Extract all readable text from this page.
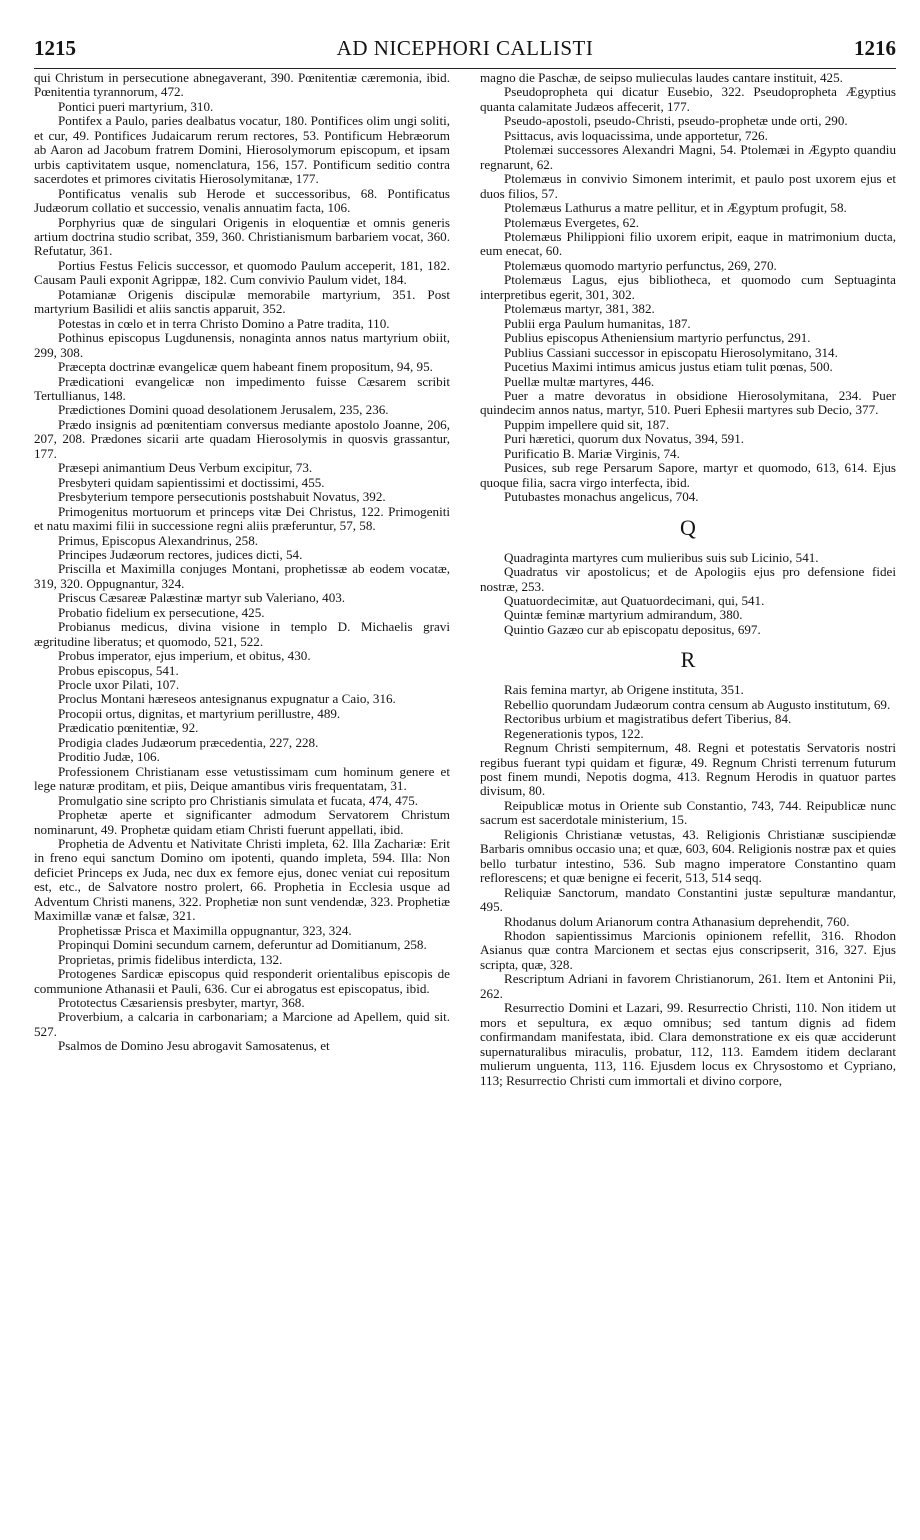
1215	AD NICEPHORI CALLISTI	1216

qui Christum in persecutione abnegaverant, 390. Pœnitentiæ cæremonia, ibid. Pœnitentia tyrannorum, 472.

Pontici pueri martyrium, 310.

Pontifex a Paulo, paries dealbatus vocatur, 180. Pontifices olim ungi soliti, et cur, 49. Pontifices Judaicarum rerum rectores, 53. Pontificum Hebræorum ab Aaron ad Jacobum fratrem Domini, Hierosolymorum episcopum, et ipsam urbis captivitatem usque, nomenclatura, 156, 157. Pontificum seditio contra sacerdotes et primores civitatis Hierosolymitanæ, 177.

Pontificatus venalis sub Herode et successoribus, 68. Pontificatus Judæorum collatio et successio, venalis annuatim facta, 106.

Porphyrius quæ de singulari Origenis in eloquentiæ et omnis generis artium doctrina studio scribat, 359, 360. Christianismum barbariem vocat, 360. Refutatur, 361.

Portius Festus Felicis successor, et quomodo Paulum acceperit, 181, 182. Causam Pauli exponit Agrippæ, 182. Cum convivio Paulum videt, 184.

Potamianæ Origenis discipulæ memorabile martyrium, 351. Post martyrium Basilidi et aliis sanctis apparuit, 352.

Potestas in cœlo et in terra Christo Domino a Patre tradita, 110.

Pothinus episcopus Lugdunensis, nonaginta annos natus martyrium obiit, 299, 308.

Præcepta doctrinæ evangelicæ quem habeant finem propositum, 94, 95.

Prædicationi evangelicæ non impedimento fuisse Cæsarem scribit Tertullianus, 148.

Prædictiones Domini quoad desolationem Jerusalem, 235, 236.

Prædo insignis ad pœnitentiam conversus mediante apostolo Joanne, 206, 207, 208. Prædones sicarii arte quadam Hierosolymis in quosvis grassantur, 177.

Præsepi animantium Deus Verbum excipitur, 73.

Presbyteri quidam sapientissimi et doctissimi, 455.

Presbyterium tempore persecutionis postshabuit Novatus, 392.

Primogenitus mortuorum et princeps vitæ Dei Christus, 122. Primogeniti et natu maximi filii in successione regni aliis præferuntur, 57, 58.

Primus, Episcopus Alexandrinus, 258.

Principes Judæorum rectores, judices dicti, 54.

Priscilla et Maximilla conjuges Montani, prophetissæ ab eodem vocatæ, 319, 320. Oppugnantur, 324.

Priscus Cæsareæ Palæstinæ martyr sub Valeriano, 403.

Probatio fidelium ex persecutione, 425.

Probianus medicus, divina visione in templo D. Michaelis gravi ægritudine liberatus; et quomodo, 521, 522.

Probus imperator, ejus imperium, et obitus, 430.

Probus episcopus, 541.

Procle uxor Pilati, 107.

Proclus Montani hæreseos antesignanus expugnatur a Caio, 316.

Procopii ortus, dignitas, et martyrium perillustre, 489.

Prædicatio pœnitentiæ, 92.

Prodigia clades Judæorum præcedentia, 227, 228.

Proditio Judæ, 106.

Professionem Christianam esse vetustissimam cum hominum genere et lege naturæ proditam, et piis, Deique amantibus viris frequentatam, 31.

Promulgatio sine scripto pro Christianis simulata et fucata, 474, 475.

Prophetæ aperte et significanter admodum Servatorem Christum nominarunt, 49. Prophetæ quidam etiam Christi fuerunt appellati, ibid.

Prophetia de Adventu et Nativitate Christi impleta, 62. Illa Zachariæ: Erit in freno equi sanctum Domino om ipotenti, quando impleta, 594. Illa: Non deficiet Princeps ex Juda, nec dux ex femore ejus, donec veniat cui repositum est, etc., de Salvatore nostro prolert, 66. Prophetia in Ecclesia usque ad Adventum Christi manens, 322. Prophetiæ non sunt vendendæ, 323. Prophetiæ Maximillæ vanæ et falsæ, 321.

Prophetissæ Prisca et Maximilla oppugnantur, 323, 324.

Propinqui Domini secundum carnem, deferuntur ad Domitianum, 258.

Proprietas, primis fidelibus interdicta, 132.

Protogenes Sardicæ episcopus quid responderit orientalibus episcopis de communione Athanasii et Pauli, 636. Cur ei abrogatus est episcopatus, ibid.

Prototectus Cæsariensis presbyter, martyr, 368.

Proverbium, a calcaria in carbonariam; a Marcione ad Apellem, quid sit. 527.

Psalmos de Domino Jesu abrogavit Samosatenus, et

magno die Paschæ, de seipso mulieculas laudes cantare instituit, 425.

Pseudopropheta qui dicatur Eusebio, 322. Pseudopropheta Ægyptius quanta calamitate Judæos affecerit, 177.

Pseudo-apostoli, pseudo-Christi, pseudo-prophetæ unde orti, 290.

Psittacus, avis loquacissima, unde apportetur, 726.

Ptolemæi successores Alexandri Magni, 54. Ptolemæi in Ægypto quandiu regnarunt, 62.

Ptolemæus in convivio Simonem interimit, et paulo post uxorem ejus et duos filios, 57.

Ptolemæus Lathurus a matre pellitur, et in Ægyptum profugit, 58.

Ptolemæus Evergetes, 62.

Ptolemæus Philippioni filio uxorem eripit, eaque in matrimonium ducta, eum enecat, 60.

Ptolemæus quomodo martyrio perfunctus, 269, 270.

Ptolemæus Lagus, ejus bibliotheca, et quomodo cum Septuaginta interpretibus egerit, 301, 302.

Ptolemæus martyr, 381, 382.

Publii erga Paulum humanitas, 187.

Publius episcopus Atheniensium martyrio perfunctus, 291.

Publius Cassiani successor in episcopatu Hierosolymitano, 314.

Pucetius Maximi intimus amicus justus etiam tulit pœnas, 500.

Puellæ multæ martyres, 446.

Puer a matre devoratus in obsidione Hierosolymitana, 234. Puer quindecim annos natus, martyr, 510. Pueri Ephesii martyres sub Decio, 377.

Puppim impellere quid sit, 187.

Puri hæretici, quorum dux Novatus, 394, 591.

Purificatio B. Mariæ Virginis, 74.

Pusices, sub rege Persarum Sapore, martyr et quomodo, 613, 614. Ejus quoque filia, sacra virgo interfecta, ibid.

Putubastes monachus angelicus, 704.

Q

Quadraginta martyres cum mulieribus suis sub Licinio, 541.

Quadratus vir apostolicus; et de Apologiis ejus pro defensione fidei nostræ, 253.

Quatuordecimitæ, aut Quatuordecimani, qui, 541.

Quintæ feminæ martyrium admirandum, 380.

Quintio Gazæo cur ab episcopatu depositus, 697.

R

Rais femina martyr, ab Origene instituta, 351.

Rebellio quorundam Judæorum contra censum ab Augusto institutum, 69.

Rectoribus urbium et magistratibus defert Tiberius, 84.

Regenerationis typos, 122.

Regnum Christi sempiternum, 48. Regni et potestatis Servatoris nostri regibus fuerant typi quidam et figuræ, 49. Regnum Christi terrenum futurum post finem mundi, Nepotis dogma, 413. Regnum Herodis in quatuor partes divisum, 80.

Reipublicæ motus in Oriente sub Constantio, 743, 744. Reipublicæ nunc sacrum est sacerdotale ministerium, 15.

Religionis Christianæ vetustas, 43. Religionis Christianæ suscipiendæ Barbaris omnibus occasio una; et quæ, 603, 604. Religionis nostræ pax et quies bello turbatur intestino, 536. Sub magno imperatore Constantino quam reflorescens; et quæ benigne ei fecerit, 513, 514 seqq.

Reliquiæ Sanctorum, mandato Constantini justæ sepulturæ mandantur, 495.

Rhodanus dolum Arianorum contra Athanasium deprehendit, 760.

Rhodon sapientissimus Marcionis opinionem refellit, 316. Rhodon Asianus quæ contra Marcionem et sectas ejus conscripserit, 316, 327. Ejus scripta, quæ, 328.

Rescriptum Adriani in favorem Christianorum, 261. Item et Antonini Pii, 262.

Resurrectio Domini et Lazari, 99. Resurrectio Christi, 110. Non itidem ut mors et sepultura, ex æquo omnibus; sed tantum dignis ad fidem confirmandam manifestata, ibid. Clara demonstratione ex eis quæ acciderunt supernaturalibus miraculis, probatur, 112, 113. Eamdem itidem declarant mulierum unguenta, 113, 116. Ejusdem locus ex Chrysostomo et Cypriano, 113; Resurrectio Christi cum immortali et divino corpore,
